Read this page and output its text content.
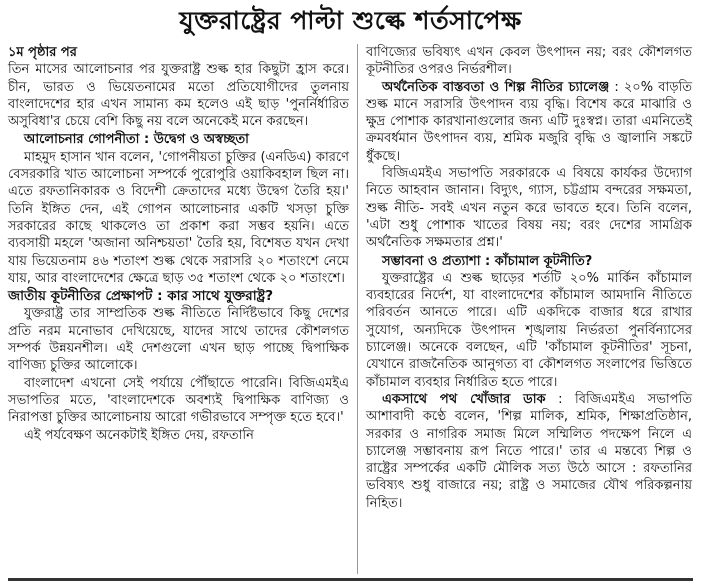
যুক্তরাষ্ট্রের পাল্টা শুল্কে শর্তসাপেক্ষ

১ম পৃষ্ঠার পর

তিন মাসের আলোচনার পর যুক্তরাষ্ট্র শুল্ক হার কিছুটা হ্রাস করে। চীন, ভারত ও ভিয়েতনামের মতো প্রতিযোগীদের তুলনায় বাংলাদেশের হার এখন সামান্য কম হলেও এই ছাড় 'পুনর্নির্ধারিত অসুবিধা'র চেয়ে বেশি কিছু নয় বলে অনেকেই মনে করছেন।

আলোচনার গোপনীতা : উদ্বেগ ও অস্বচ্ছতা

মাহমুদ হাসান খান বলেন, 'গোপনীয়তা চুক্তির (এনডিএ) কারণে বেসরকারি খাত আলোচনা সম্পর্কে পুরোপুরি ওয়াকিবহাল ছিল না। এতে রফতানিকারক ও বিদেশী ক্রেতাদের মধ্যে উদ্বেগ তৈরি হয়।' তিনি ইঙ্গিত দেন, এই গোপন আলোচনার একটি খসড়া চুক্তি সরকারের কাছে থাকলেও তা প্রকাশ করা সম্ভব হয়নি। এতে ব্যবসায়ী মহলে 'অজানা অনিশ্চয়তা' তৈরি হয়, বিশেষত যখন দেখা যায় ভিয়েতনাম ৪৬ শতাংশ শুল্ক থেকে সরাসরি ২০ শতাংশে নেমে যায়, আর বাংলাদেশের ক্ষেত্রে ছাড় ৩৫ শতাংশ থেকে ২০ শতাংশে।

জাতীয় কূটনীতির প্রেক্ষাপট : কার সাথে যুক্তরাষ্ট্র?

যুক্তরাষ্ট্র তার সাম্প্রতিক শুল্ক নীতিতে নির্দিষ্টভাবে কিছু দেশের প্রতি নরম মনোভাব দেখিয়েছে, যাদের সাথে তাদের কৌশলগত সম্পর্ক উন্নয়নশীল। এই দেশগুলো এখন ছাড় পাচ্ছে দ্বিপাক্ষিক বাণিজ্য চুক্তির আলোকে।

বাংলাদেশ এখনো সেই পর্যায়ে পৌঁছাতে পারেনি। বিজিএমইএ সভাপতির মতে, 'বাংলাদেশকে অবশ্যই দ্বিপাক্ষিক বাণিজ্য ও নিরাপত্তা চুক্তির আলোচনায় আরো গভীরভাবে সম্পৃক্ত হতে হবে।'

এই পর্যবেক্ষণ অনেকটাই ইঙ্গিত দেয়, রফতানি

বাণিজ্যের ভবিষ্যৎ এখন কেবল উৎপাদন নয়; বরং কৌশলগত কূটনীতির ওপরও নির্ভরশীল।

অর্থনৈতিক বাস্তবতা ও শিল্প নীতির চ্যালেঞ্জ : ২০% বাড়তি শুল্ক মানে সরাসরি উৎপাদন ব্যয় বৃদ্ধি। বিশেষ করে মাঝারি ও ক্ষুদ্র পোশাক কারখানাগুলোর জন্য এটি দুঃস্বপ্ন। তারা এমনিতেই ক্রমবর্ধমান উৎপাদন ব্যয়, শ্রমিক মজুরি বৃদ্ধি ও জ্বালানি সঙ্কটে ধুঁকছে।

বিজিএমইএ সভাপতি সরকারকে এ বিষয়ে কার্যকর উদ্যোগ নিতে আহবান জানান। বিদ্যুৎ, গ্যাস, চট্টগ্রাম বন্দরের সক্ষমতা, শুল্ক নীতি- সবই এখন নতুন করে ভাবতে হবে। তিনি বলেন, 'এটা শুধু পোশাক খাতের বিষয় নয়; বরং দেশের সামগ্রিক অর্থনৈতিক সক্ষমতার প্রশ্ন।'

সম্ভাবনা ও প্রত্যাশা : কাঁচামাল কূটনীতি?

যুক্তরাষ্ট্রের এ শুল্ক ছাড়ের শর্তটি ২০% মার্কিন কাঁচামাল ব্যবহারের নির্দেশ, যা বাংলাদেশের কাঁচামাল আমদানি নীতিতে পরিবর্তন আনতে পারে। এটি একদিকে বাজার ধরে রাখার সুযোগ, অন্যদিকে উৎপাদন শৃঙ্খলায় নির্ভরতা পুনর্বিন্যাসের চ্যালেঞ্জ। অনেকে বলছেন, এটি 'কাঁচামাল কূটনীতির' সূচনা, যেখানে রাজনৈতিক আনুগত্য বা কৌশলগত সংলাপের ভিত্তিতে কাঁচামাল ব্যবহার নির্ধারিত হতে পারে।

একসাথে পথ খোঁজার ডাক : বিজিএমইএ সভাপতি আশাবাদী কণ্ঠে বলেন, 'শিল্প মালিক, শ্রমিক, শিক্ষাপ্রতিষ্ঠান, সরকার ও নাগরিক সমাজ মিলে সম্মিলিত পদক্ষেপ নিলে এ চ্যালেঞ্জ সম্ভাবনায় রূপ নিতে পারে।' তার এ মন্তব্যে শিল্প ও রাষ্ট্রের সম্পর্কের একটি মৌলিক সত্য উঠে আসে : রফতানির ভবিষ্যৎ শুধু বাজারে নয়; রাষ্ট্র ও সমাজের যৌথ পরিকল্পনায় নিহিত।
